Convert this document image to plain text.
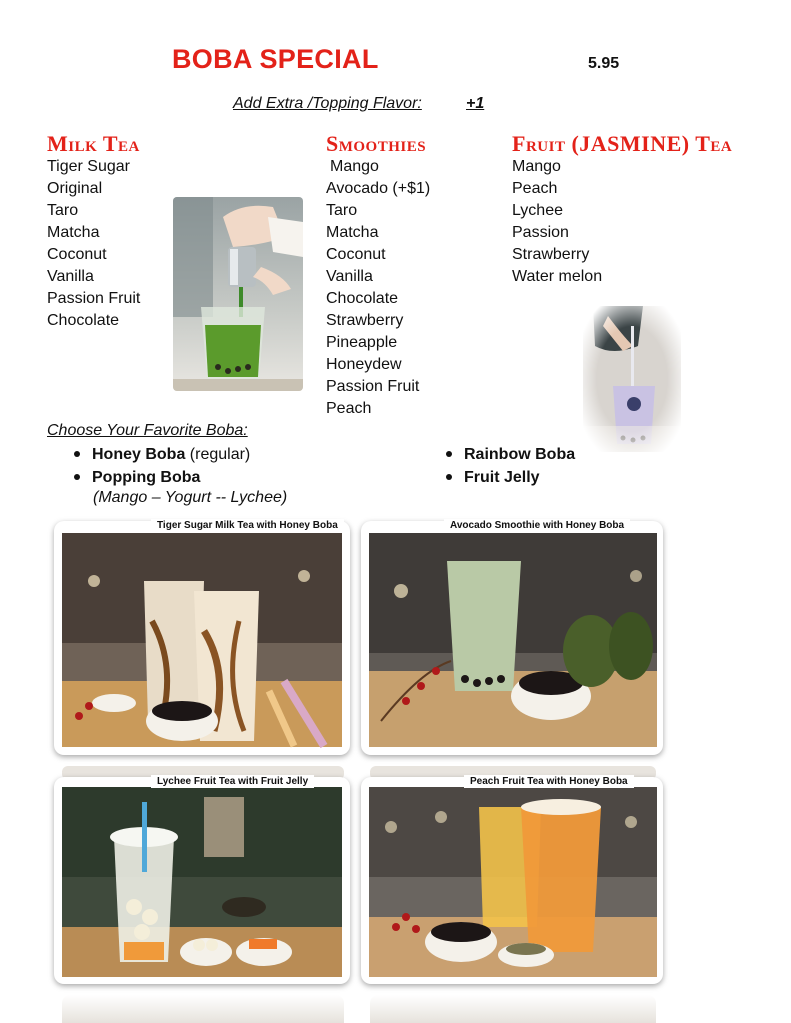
BOBA SPECIAL	5.95
Add Extra /Topping Flavor:	+1
Milk Tea
Tiger Sugar
Original
Taro
Matcha
Coconut
Vanilla
Passion Fruit
Chocolate
Smoothies
Mango
Avocado (+$1)
Taro
Matcha
Coconut
Vanilla
Chocolate
Strawberry
Pineapple
Honeydew
Passion Fruit
Peach
Fruit (JASMINE) Tea
Mango
Peach
Lychee
Passion
Strawberry
Water melon
Choose Your Favorite Boba:
Honey Boba (regular)
Popping Boba
(Mango – Yogurt -- Lychee)
Rainbow Boba
Fruit Jelly
Tiger Sugar Milk Tea with Honey Boba	Avocado Smoothie with Honey Boba
Lychee Fruit Tea with Fruit Jelly	Peach Fruit Tea with Honey Boba
